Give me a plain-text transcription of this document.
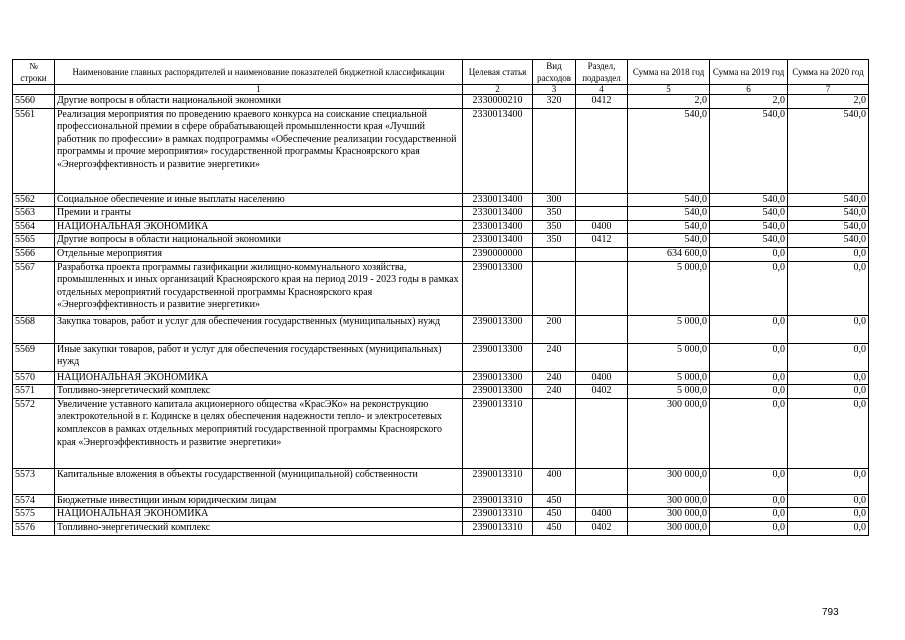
№ строки	Наименование главных распорядителей и наименование показателей бюджетной классификации	Целевая статья	Вид расходов	Раздел, подраздел	Сумма на 2018 год	Сумма на 2019 год	Сумма на 2020 год
	1	2	3	4	5	6	7
5560	Другие вопросы в области национальной экономики	2330000210	320	0412	2,0	2,0	2,0
5561	Реализация мероприятия по проведению краевого конкурса на соискание специальной профессиональной премии в сфере обрабатывающей промышленности края «Лучший работник по профессии» в рамках подпрограммы «Обеспечение реализации государственной программы и прочие мероприятия» государственной программы Красноярского края «Энергоэффективность и развитие энергетики»	2330013400			540,0	540,0	540,0
5562	Социальное обеспечение и иные выплаты населению	2330013400	300		540,0	540,0	540,0
5563	Премии и гранты	2330013400	350		540,0	540,0	540,0
5564	НАЦИОНАЛЬНАЯ ЭКОНОМИКА	2330013400	350	0400	540,0	540,0	540,0
5565	Другие вопросы в области национальной экономики	2330013400	350	0412	540,0	540,0	540,0
5566	Отдельные мероприятия	2390000000			634 600,0	0,0	0,0
5567	Разработка проекта программы газификации жилищно-коммунального хозяйства, промышленных и иных организаций Красноярского края на период 2019 - 2023 годы в рамках отдельных мероприятий государственной программы Красноярского края «Энергоэффективность и развитие энергетики»	2390013300			5 000,0	0,0	0,0
5568	Закупка товаров, работ и услуг для обеспечения государственных (муниципальных) нужд	2390013300	200		5 000,0	0,0	0,0
5569	Иные закупки товаров, работ и услуг для обеспечения государственных (муниципальных) нужд	2390013300	240		5 000,0	0,0	0,0
5570	НАЦИОНАЛЬНАЯ ЭКОНОМИКА	2390013300	240	0400	5 000,0	0,0	0,0
5571	Топливно-энергетический комплекс	2390013300	240	0402	5 000,0	0,0	0,0
5572	Увеличение уставного капитала акционерного общества «КрасЭКо» на реконструкцию электрокотельной в г. Кодинске в целях обеспечения надежности тепло- и электросетевых комплексов в рамках отдельных мероприятий государственной программы Красноярского края «Энергоэффективность и развитие энергетики»	2390013310			300 000,0	0,0	0,0
5573	Капитальные вложения в объекты государственной (муниципальной) собственности	2390013310	400		300 000,0	0,0	0,0
5574	Бюджетные инвестиции иным юридическим лицам	2390013310	450		300 000,0	0,0	0,0
5575	НАЦИОНАЛЬНАЯ ЭКОНОМИКА	2390013310	450	0400	300 000,0	0,0	0,0
5576	Топливно-энергетический комплекс	2390013310	450	0402	300 000,0	0,0	0,0
793
